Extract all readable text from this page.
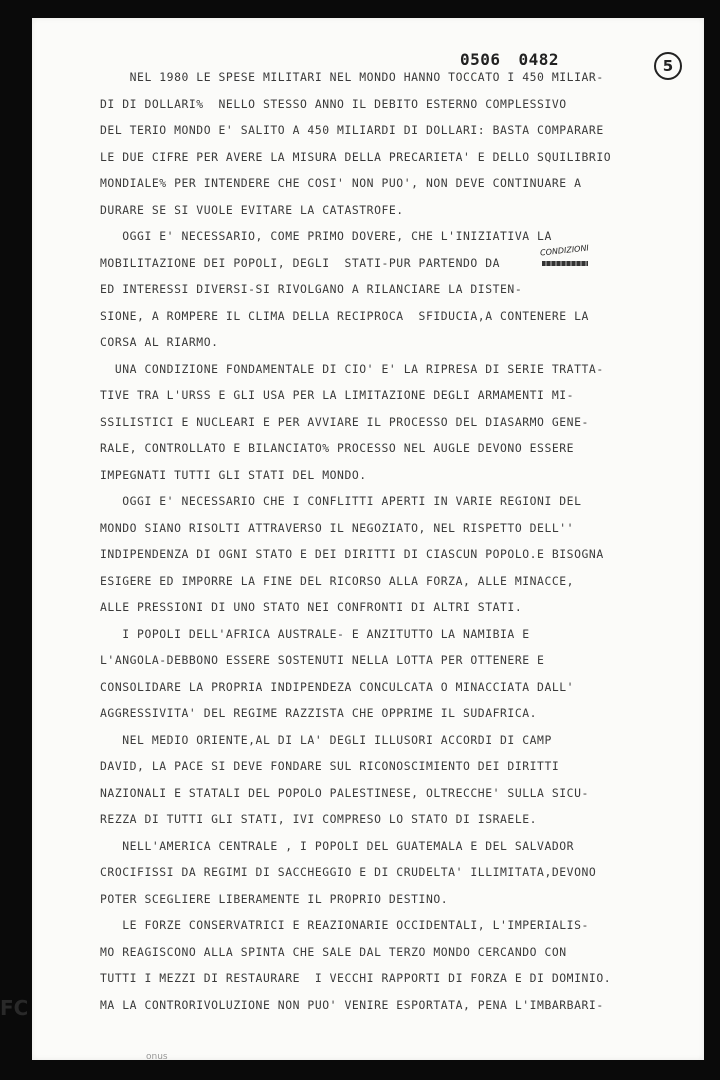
0506 0482	5
CONDIZIONI
NEL 1980 LE SPESE MILITARI NEL MONDO HANNO TOCCATO I 450 MILIAR-
DI DI DOLLARI%  NELLO STESSO ANNO IL DEBITO ESTERNO COMPLESSIVO
DEL TERIO MONDO E' SALITO A 450 MILIARDI DI DOLLARI: BASTA COMPARARE
LE DUE CIFRE PER AVERE LA MISURA DELLA PRECARIETA' E DELLO SQUILIBRIO
MONDIALE% PER INTENDERE CHE COSI' NON PUO', NON DEVE CONTINUARE A
DURARE SE SI VUOLE EVITARE LA CATASTROFE.
OGGI E' NECESSARIO, COME PRIMO DOVERE, CHE L'INIZIATIVA LA
MOBILITAZIONE DEI POPOLI, DEGLI  STATI-PUR PARTENDO DA
ED INTERESSI DIVERSI-SI RIVOLGANO A RILANCIARE LA DISTEN-
SIONE, A ROMPERE IL CLIMA DELLA RECIPROCA  SFIDUCIA,A CONTENERE LA
CORSA AL RIARMO.
UNA CONDIZIONE FONDAMENTALE DI CIO' E' LA RIPRESA DI SERIE TRATTA-
TIVE TRA L'URSS E GLI USA PER LA LIMITAZIONE DEGLI ARMAMENTI MI-
SSILISTICI E NUCLEARI E PER AVVIARE IL PROCESSO DEL DIASARMO GENE-
RALE, CONTROLLATO E BILANCIATO% PROCESSO NEL AUGLE DEVONO ESSERE
IMPEGNATI TUTTI GLI STATI DEL MONDO.
OGGI E' NECESSARIO CHE I CONFLITTI APERTI IN VARIE REGIONI DEL
MONDO SIANO RISOLTI ATTRAVERSO IL NEGOZIATO, NEL RISPETTO DELL''
INDIPENDENZA DI OGNI STATO E DEI DIRITTI DI CIASCUN POPOLO.E BISOGNA
ESIGERE ED IMPORRE LA FINE DEL RICORSO ALLA FORZA, ALLE MINACCE,
ALLE PRESSIONI DI UNO STATO NEI CONFRONTI DI ALTRI STATI.
I POPOLI DELL'AFRICA AUSTRALE- E ANZITUTTO LA NAMIBIA E
L'ANGOLA-DEBBONO ESSERE SOSTENUTI NELLA LOTTA PER OTTENERE E
CONSOLIDARE LA PROPRIA INDIPENDEZA CONCULCATA O MINACCIATA DALL'
AGGRESSIVITA' DEL REGIME RAZZISTA CHE OPPRIME IL SUDAFRICA.
NEL MEDIO ORIENTE,AL DI LA' DEGLI ILLUSORI ACCORDI DI CAMP
DAVID, LA PACE SI DEVE FONDARE SUL RICONOSCIMIENTO DEI DIRITTI
NAZIONALI E STATALI DEL POPOLO PALESTINESE, OLTRECCHE' SULLA SICU-
REZZA DI TUTTI GLI STATI, IVI COMPRESO LO STATO DI ISRAELE.
NELL'AMERICA CENTRALE , I POPOLI DEL GUATEMALA E DEL SALVADOR
CROCIFISSI DA REGIMI DI SACCHEGGIO E DI CRUDELTA' ILLIMITATA,DEVONO
POTER SCEGLIERE LIBERAMENTE IL PROPRIO DESTINO.
LE FORZE CONSERVATRICI E REAZIONARIE OCCIDENTALI, L'IMPERIALIS-
MO REAGISCONO ALLA SPINTA CHE SALE DAL TERZO MONDO CERCANDO CON
TUTTI I MEZZI DI RESTAURARE  I VECCHI RAPPORTI DI FORZA E DI DOMINIO.
MA LA CONTRORIVOLUZIONE NON PUO' VENIRE ESPORTATA, PENA L'IMBARBARI-
FC
onus
